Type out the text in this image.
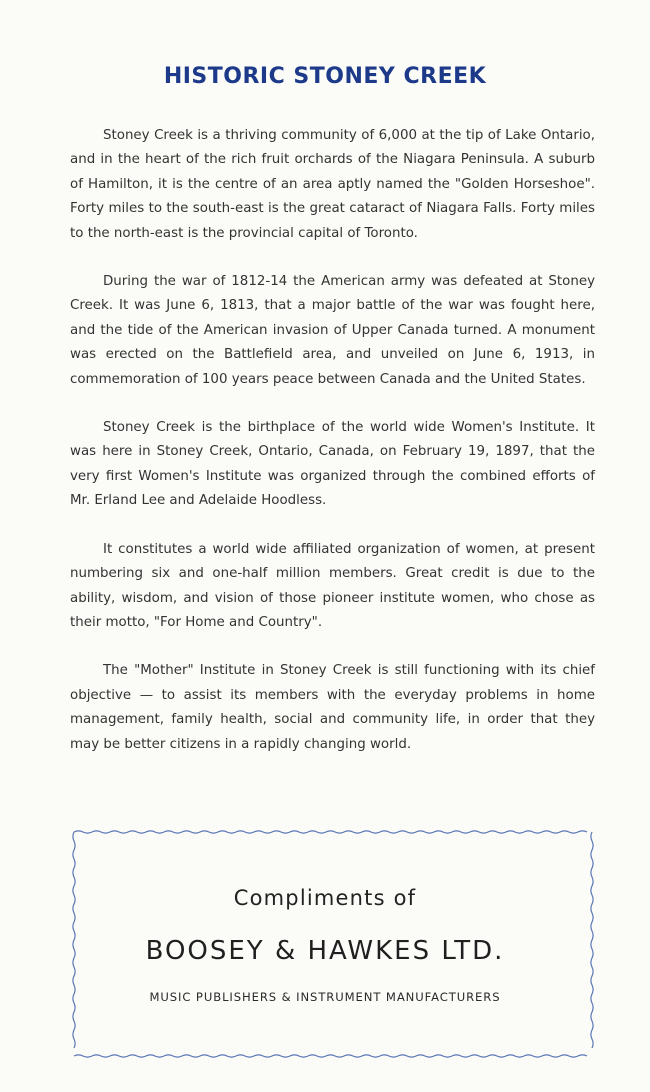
HISTORIC STONEY CREEK

Stoney Creek is a thriving community of 6,000 at the tip of Lake Ontario, and in the heart of the rich fruit orchards of the Niagara Peninsula. A suburb of Hamilton, it is the centre of an area aptly named the "Golden Horseshoe". Forty miles to the south-east is the great cataract of Niagara Falls. Forty miles to the north-east is the provincial capital of Toronto.

During the war of 1812-14 the American army was defeated at Stoney Creek. It was June 6, 1813, that a major battle of the war was fought here, and the tide of the American invasion of Upper Canada turned. A monument was erected on the Battlefield area, and unveiled on June 6, 1913, in commemoration of 100 years peace between Canada and the United States.

Stoney Creek is the birthplace of the world wide Women's Institute. It was here in Stoney Creek, Ontario, Canada, on February 19, 1897, that the very first Women's Institute was organized through the combined efforts of Mr. Erland Lee and Adelaide Hoodless.

It constitutes a world wide affiliated organization of women, at present numbering six and one-half million members. Great credit is due to the ability, wisdom, and vision of those pioneer institute women, who chose as their motto, "For Home and Country".

The "Mother" Institute in Stoney Creek is still functioning with its chief objective — to assist its members with the everyday problems in home management, family health, social and community life, in order that they may be better citizens in a rapidly changing world.

Compliments of

BOOSEY & HAWKES LTD.

MUSIC PUBLISHERS & INSTRUMENT MANUFACTURERS
